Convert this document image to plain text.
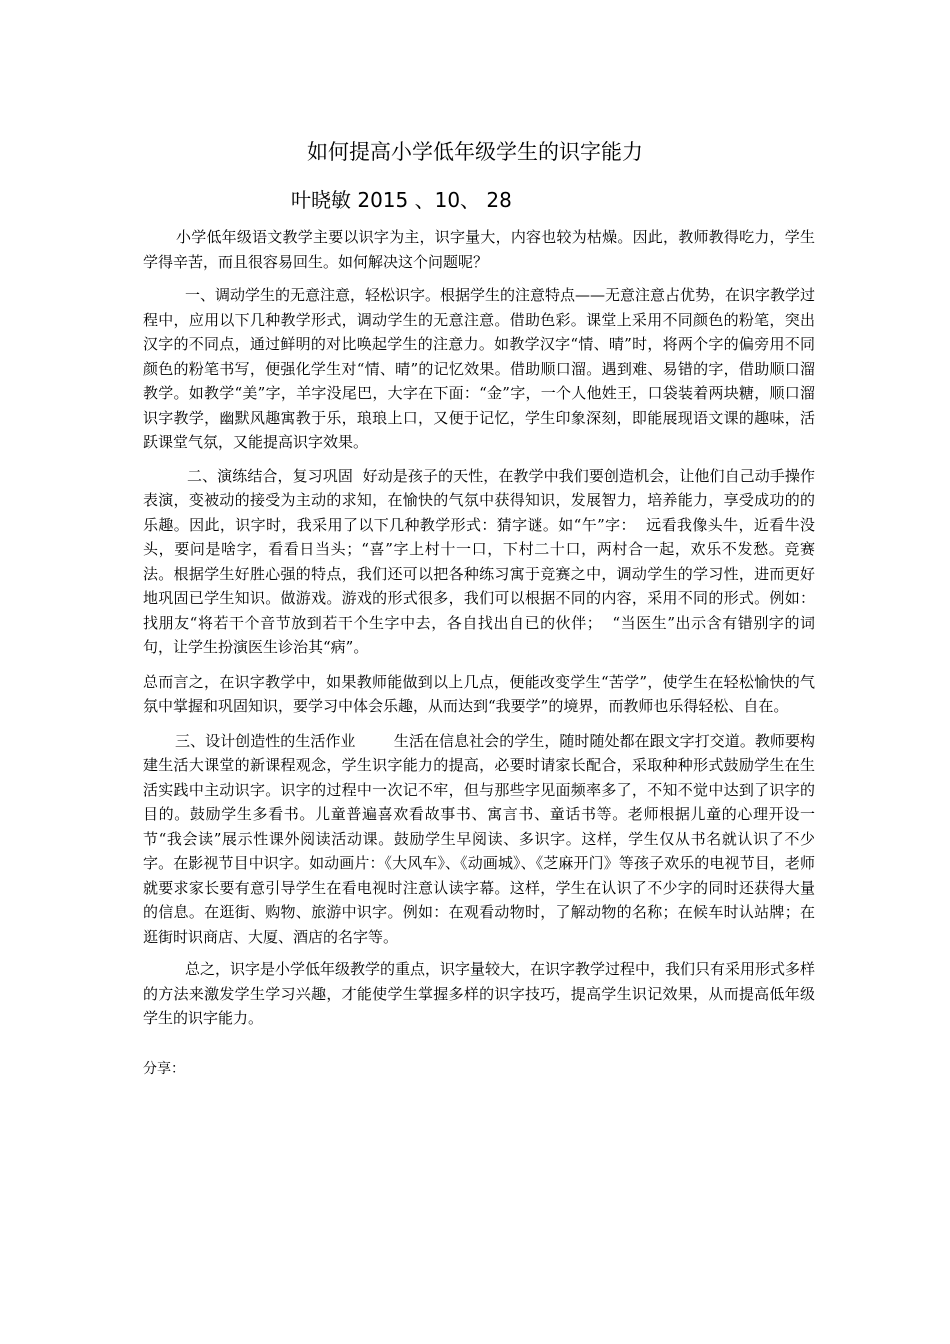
如何提高小学低年级学生的识字能力
叶晓敏 2015 、10、 28

小学低年级语文教学主要以识字为主，识字量大，内容也较为枯燥。因此，教师教得吃力，学生学得辛苦，而且很容易回生。如何解决这个问题呢？

一、调动学生的无意注意，轻松识字。根据学生的注意特点——无意注意占优势，在识字教学过程中，应用以下几种教学形式，调动学生的无意注意。借助色彩。课堂上采用不同颜色的粉笔，突出汉字的不同点，通过鲜明的对比唤起学生的注意力。如教学汉字“情、晴”时，将两个字的偏旁用不同颜色的粉笔书写，便强化学生对“情、晴”的记忆效果。借助顺口溜。遇到难、易错的字，借助顺口溜教学。如教学“美”字，羊字没尾巴，大字在下面：“金”字，一个人他姓王，口袋装着两块糖，顺口溜识字教学，幽默风趣寓教于乐，琅琅上口，又便于记忆，学生印象深刻，即能展现语文课的趣味，活跃课堂气氛，又能提高识字效果。

二、演练结合，复习巩固  好动是孩子的天性，在教学中我们要创造机会，让他们自己动手操作表演，变被动的接受为主动的求知，在愉快的气氛中获得知识，发展智力，培养能力，享受成功的的乐趣。因此，识字时，我采用了以下几种教学形式：猜字谜。如“午”字：  远看我像头牛，近看牛没头，要问是啥字，看看日当头；“喜”字上村十一口，下村二十口，两村合一起，欢乐不发愁。竞赛法。根据学生好胜心强的特点，我们还可以把各种练习寓于竞赛之中，调动学生的学习性，进而更好地巩固已学生知识。做游戏。游戏的形式很多，我们可以根据不同的内容，采用不同的形式。例如：找朋友“将若干个音节放到若干个生字中去，各自找出自已的伙伴；  “当医生”出示含有错别字的词句，让学生扮演医生诊治其“病”。

总而言之，在识字教学中，如果教师能做到以上几点，便能改变学生“苦学”，使学生在轻松愉快的气氛中掌握和巩固知识，要学习中体会乐趣，从而达到“我要学”的境界，而教师也乐得轻松、自在。

三、设计创造性的生活作业        生活在信息社会的学生，随时随处都在跟文字打交道。教师要构建生活大课堂的新课程观念，学生识字能力的提高，必要时请家长配合，采取种种形式鼓励学生在生活实践中主动识字。识字的过程中一次记不牢，但与那些字见面频率多了，不知不觉中达到了识字的目的。鼓励学生多看书。儿童普遍喜欢看故事书、寓言书、童话书等。老师根据儿童的心理开设一节“我会读”展示性课外阅读活动课。鼓励学生早阅读、多识字。这样，学生仅从书名就认识了不少字。在影视节目中识字。如动画片：《大风车》、《动画城》、《芝麻开门》等孩子欢乐的电视节目，老师就要求家长要有意引导学生在看电视时注意认读字幕。这样，学生在认识了不少字的同时还获得大量的信息。在逛街、购物、旅游中识字。例如：在观看动物时，了解动物的名称；在候车时认站牌；在逛街时识商店、大厦、酒店的名字等。

总之，识字是小学低年级教学的重点，识字量较大，在识字教学过程中，我们只有采用形式多样的方法来激发学生学习兴趣，才能使学生掌握多样的识字技巧，提高学生识记效果，从而提高低年级学生的识字能力。

分享：
